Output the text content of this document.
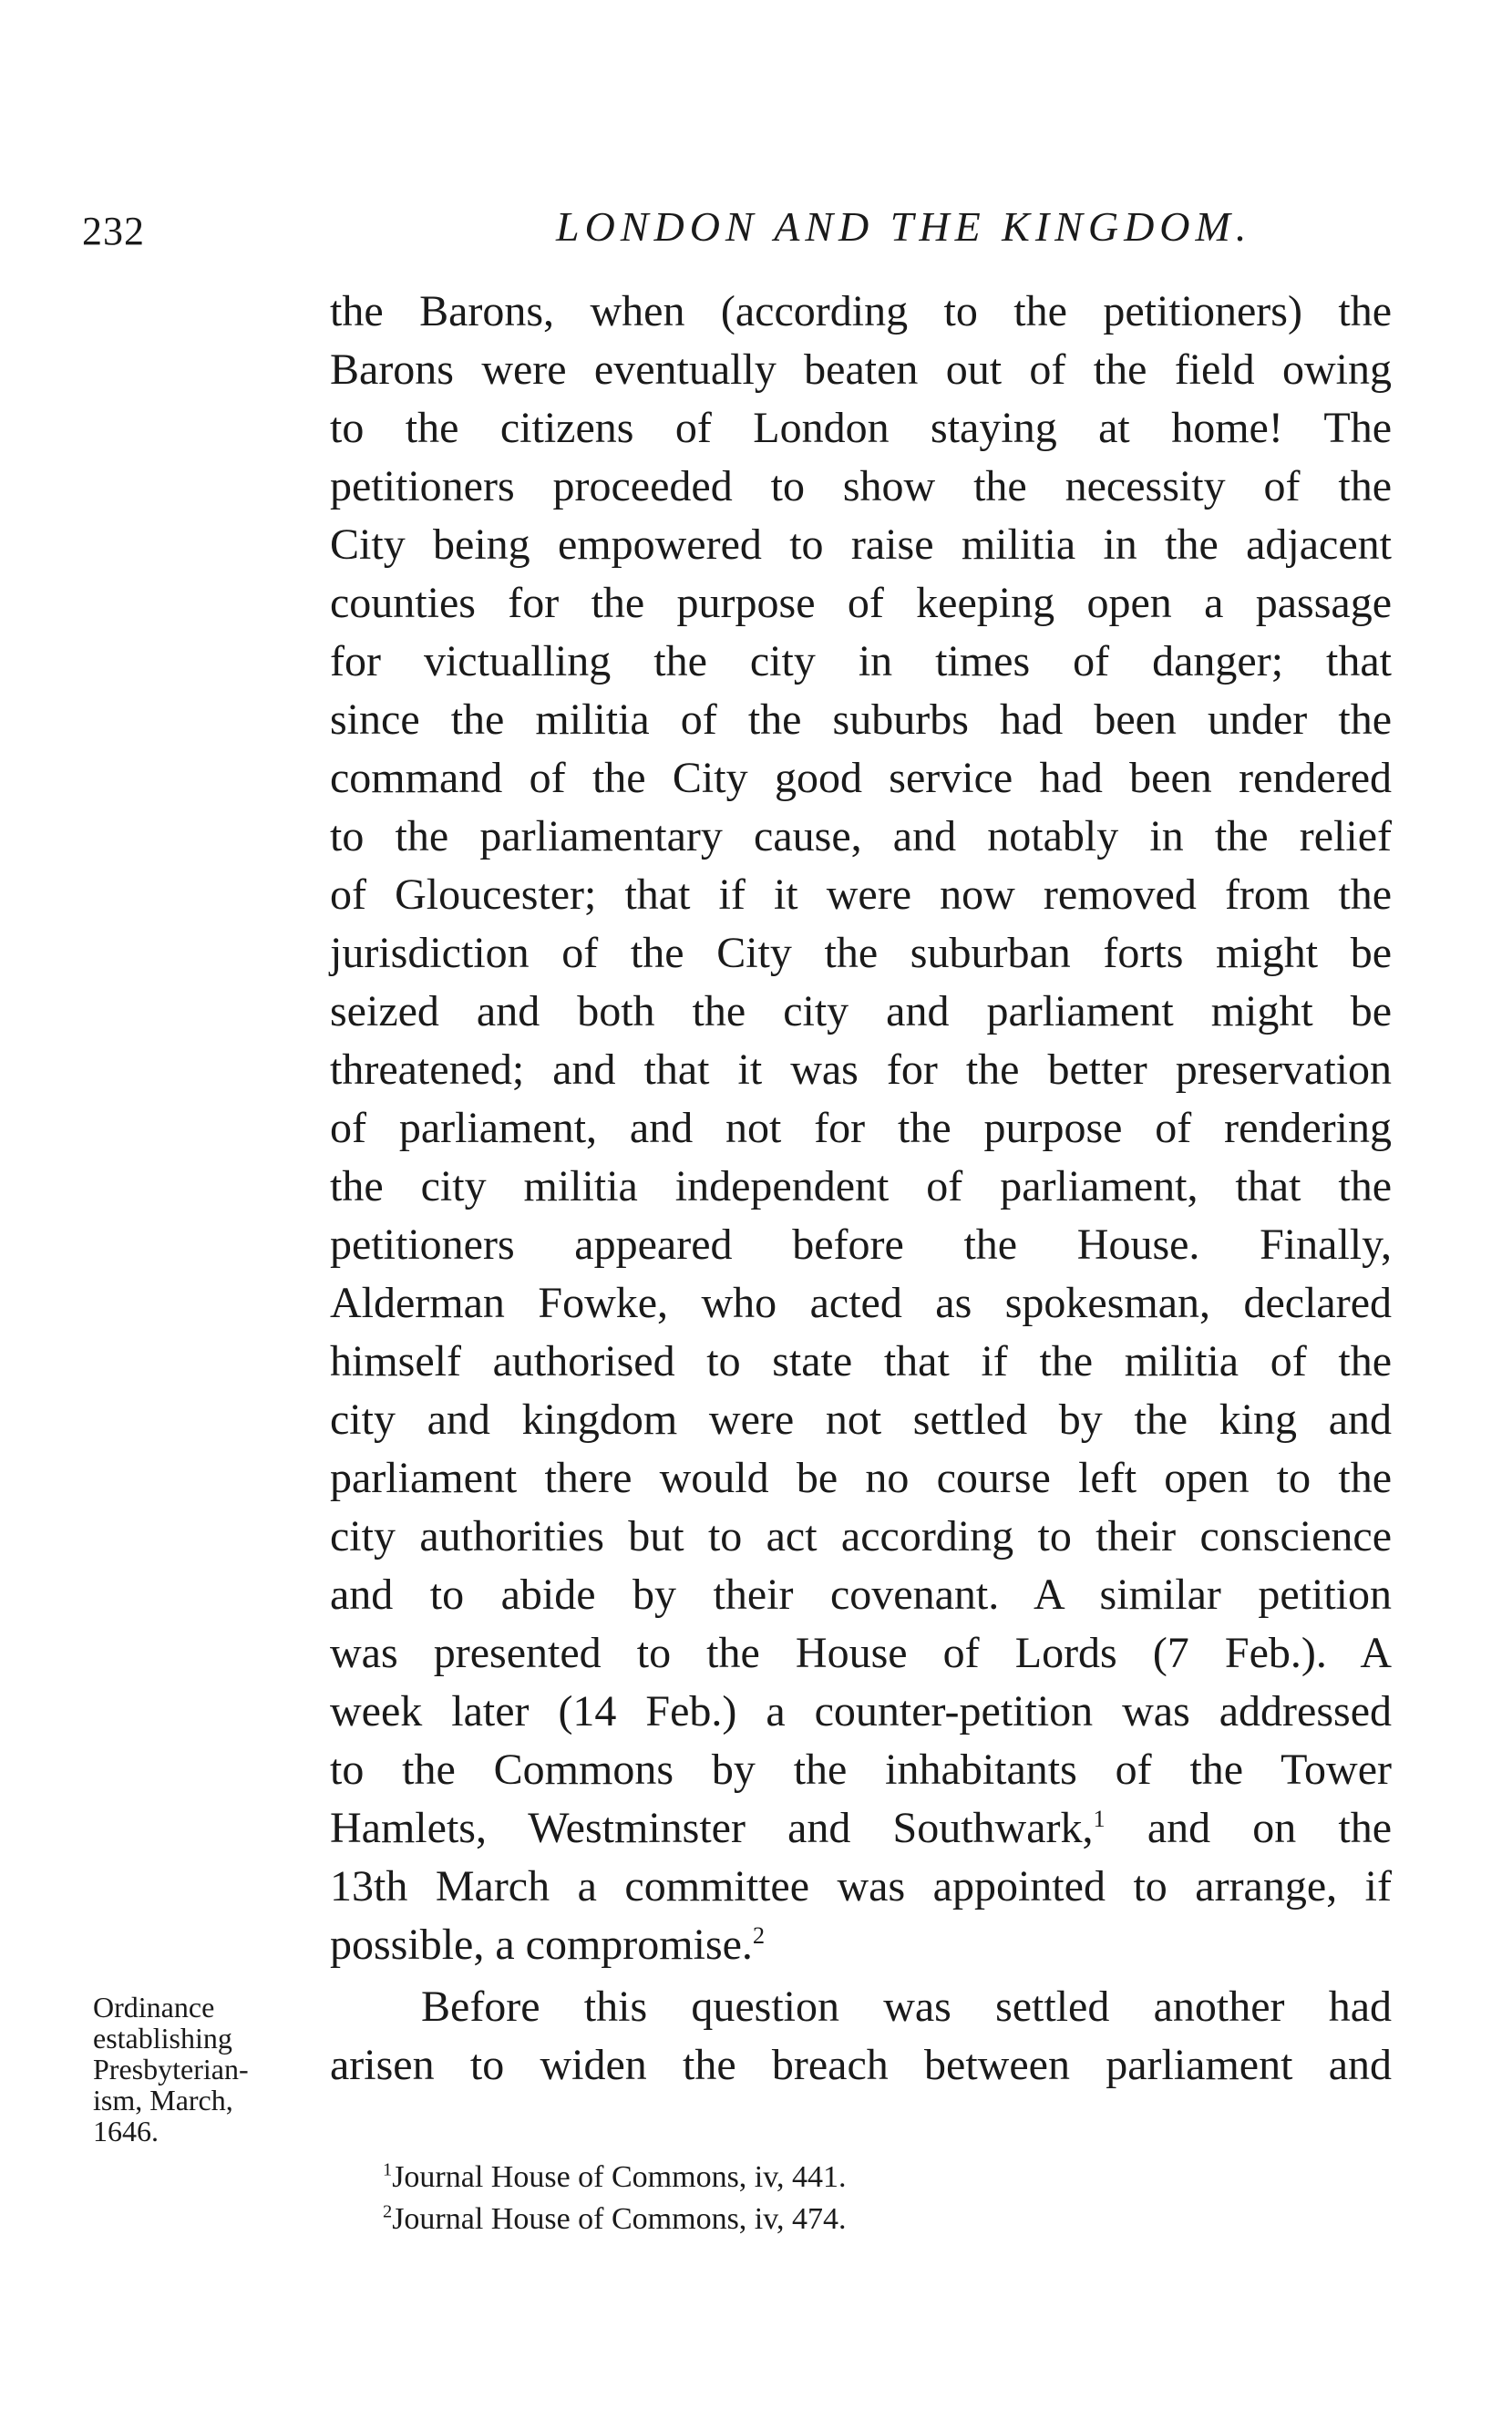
232	LONDON AND THE KINGDOM.
the Barons, when (according to the petitioners) the
Barons were eventually beaten out of the field owing
to the citizens of London staying at home! The
petitioners proceeded to show the necessity of the
City being empowered to raise militia in the adjacent
counties for the purpose of keeping open a passage
for victualling the city in times of danger; that
since the militia of the suburbs had been under the
command of the City good service had been rendered
to the parliamentary cause, and notably in the relief
of Gloucester; that if it were now removed from the
jurisdiction of the City the suburban forts might be
seized and both the city and parliament might be
threatened; and that it was for the better preservation
of parliament, and not for the purpose of rendering
the city militia independent of parliament, that the
petitioners appeared before the House. Finally,
Alderman Fowke, who acted as spokesman, declared
himself authorised to state that if the militia of the
city and kingdom were not settled by the king and
parliament there would be no course left open to the
city authorities but to act according to their conscience
and to abide by their covenant. A similar petition
was presented to the House of Lords (7 Feb.). A
week later (14 Feb.) a counter-petition was addressed
to the Commons by the inhabitants of the Tower
Hamlets, Westminster and Southwark,$^1$ and on the
13th March a committee was appointed to arrange, if
possible, a compromise.$^2$
Before this question was settled another had
arisen to widen the breach between parliament and
Ordinance
establishing
Presbyterian-
ism, March,
1646.
$^1$Journal House of Commons, iv, 441.
$^2$Journal House of Commons, iv, 474.
